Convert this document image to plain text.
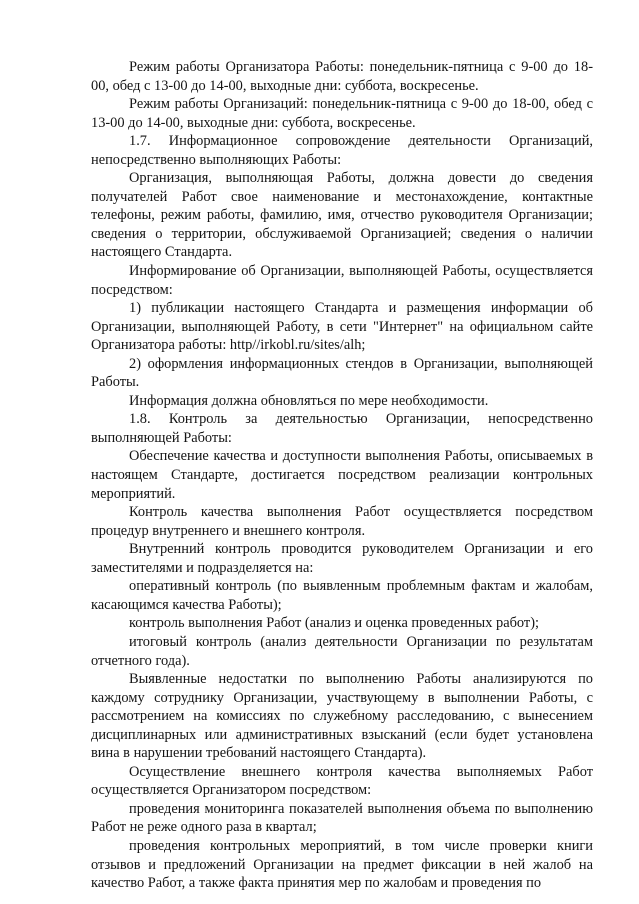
Режим работы Организатора Работы: понедельник-пятница с 9-00 до 18-00, обед с 13-00 до 14-00, выходные дни: суббота, воскресенье.

Режим работы Организаций: понедельник-пятница с 9-00 до 18-00, обед с 13-00 до 14-00, выходные дни: суббота, воскресенье.

1.7. Информационное сопровождение деятельности Организаций, непосредственно выполняющих Работы:

Организация, выполняющая Работы, должна довести до сведения получателей Работ свое наименование и местонахождение, контактные телефоны, режим работы, фамилию, имя, отчество руководителя Организации; сведения о территории, обслуживаемой Организацией; сведения о наличии настоящего Стандарта.

Информирование об Организации, выполняющей Работы, осуществляется посредством:

1) публикации настоящего Стандарта и размещения информации об Организации, выполняющей Работу, в сети "Интернет" на официальном сайте Организатора работы: http//irkobl.ru/sites/alh;

2) оформления информационных стендов в Организации, выполняющей Работы.

Информация должна обновляться по мере необходимости.

1.8. Контроль за деятельностью Организации, непосредственно выполняющей Работы:

Обеспечение качества и доступности выполнения Работы, описываемых в настоящем Стандарте, достигается посредством реализации контрольных мероприятий.

Контроль качества выполнения Работ осуществляется посредством процедур внутреннего и внешнего контроля.

Внутренний контроль проводится руководителем Организации и его заместителями и подразделяется на:

оперативный контроль (по выявленным проблемным фактам и жалобам, касающимся качества Работы);

контроль выполнения Работ (анализ и оценка проведенных работ);

итоговый контроль (анализ деятельности Организации по результатам отчетного года).

Выявленные недостатки по выполнению Работы анализируются по каждому сотруднику Организации, участвующему в выполнении Работы, с рассмотрением на комиссиях по служебному расследованию, с вынесением дисциплинарных или административных взысканий (если будет установлена вина в нарушении требований настоящего Стандарта).

Осуществление внешнего контроля качества выполняемых Работ осуществляется Организатором посредством:

проведения мониторинга показателей выполнения объема по выполнению Работ не реже одного раза в квартал;

проведения контрольных мероприятий, в том числе проверки книги отзывов и предложений Организации на предмет фиксации в ней жалоб на качество Работ, а также факта принятия мер по жалобам и проведения по
